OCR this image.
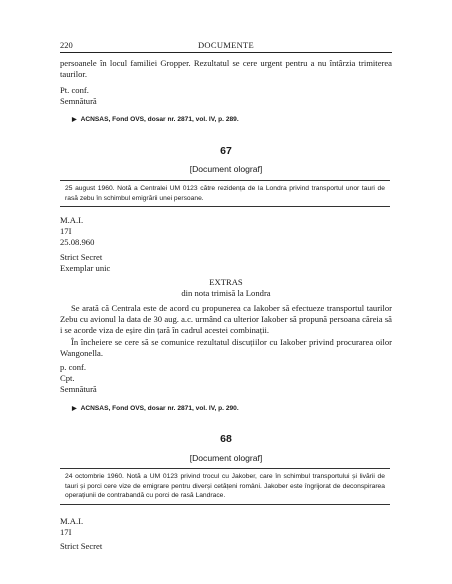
220	DOCUMENTE
persoanele în locul familiei Gropper. Rezultatul se cere urgent pentru a nu întârzia trimiterea taurilor.
Pt. conf.
Semnătură
▶ ACNSAS, Fond OVS, dosar nr. 2871, vol. IV, p. 289.
67
[Document olograf]
25 august 1960. Notă a Centralei UM 0123 către rezidența de la Londra privind transportul unor tauri de rasă zebu în schimbul emigrării unei persoane.
M.A.I.
17I
25.08.960
Strict Secret
Exemplar unic
EXTRAS
din nota trimisă la Londra
Se arată că Centrala este de acord cu propunerea ca Iakober să efectueze transportul taurilor Zebu cu avionul la data de 30 aug. a.c. urmând ca ulterior Iakober să propună persoana căreia să i se acorde viza de eșire din țară în cadrul acestei combinații.
În încheiere se cere să se comunice rezultatul discuțiilor cu Iakober privind procurarea oilor Wangonella.
p. conf.
Cpt.
Semnătură
▶ ACNSAS, Fond OVS, dosar nr. 2871, vol. IV, p. 290.
68
[Document olograf]
24 octombrie 1960. Notă a UM 0123 privind trocul cu Jakober, care în schimbul transportului și livării de tauri și porci cere vize de emigrare pentru diverși cetățeni români. Jakober este îngrijorat de deconspirarea operațiunii de contrabandă cu porci de rasă Landrace.
M.A.I.
17I
Strict Secret
